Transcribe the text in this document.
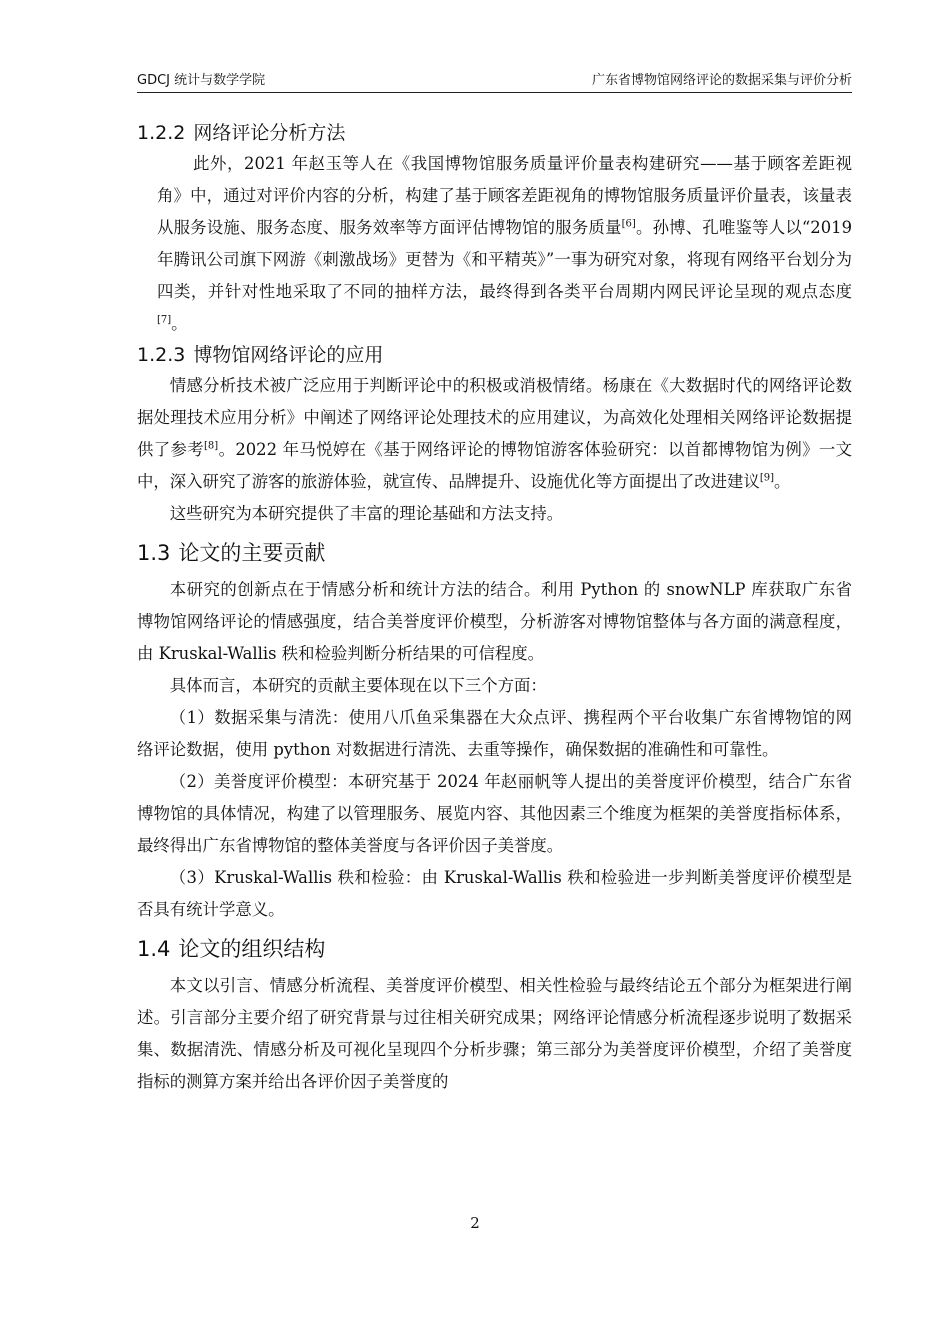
GDCJ 统计与数学学院	广东省博物馆网络评论的数据采集与评价分析
1.2.2 网络评论分析方法

此外，2021 年赵玉等人在《我国博物馆服务质量评价量表构建研究——基于顾客差距视角》中，通过对评价内容的分析，构建了基于顾客差距视角的博物馆服务质量评价量表，该量表从服务设施、服务态度、服务效率等方面评估博物馆的服务质量[6]。孙博、孔唯鉴等人以“2019 年腾讯公司旗下网游《刺激战场》更替为《和平精英》”一事为研究对象，将现有网络平台划分为四类，并针对性地采取了不同的抽样方法，最终得到各类平台周期内网民评论呈现的观点态度[7]。

1.2.3 博物馆网络评论的应用

情感分析技术被广泛应用于判断评论中的积极或消极情绪。杨康在《大数据时代的网络评论数据处理技术应用分析》中阐述了网络评论处理技术的应用建议，为高效化处理相关网络评论数据提供了参考[8]。2022 年马悦婷在《基于网络评论的博物馆游客体验研究：以首都博物馆为例》一文中，深入研究了游客的旅游体验，就宣传、品牌提升、设施优化等方面提出了改进建议[9]。

这些研究为本研究提供了丰富的理论基础和方法支持。

1.3 论文的主要贡献

本研究的创新点在于情感分析和统计方法的结合。利用 Python 的 snowNLP 库获取广东省博物馆网络评论的情感强度，结合美誉度评价模型，分析游客对博物馆整体与各方面的满意程度，由 Kruskal-Wallis 秩和检验判断分析结果的可信程度。

具体而言，本研究的贡献主要体现在以下三个方面：

（1）数据采集与清洗：使用八爪鱼采集器在大众点评、携程两个平台收集广东省博物馆的网络评论数据，使用 python 对数据进行清洗、去重等操作，确保数据的准确性和可靠性。

（2）美誉度评价模型：本研究基于 2024 年赵丽帆等人提出的美誉度评价模型，结合广东省博物馆的具体情况，构建了以管理服务、展览内容、其他因素三个维度为框架的美誉度指标体系，最终得出广东省博物馆的整体美誉度与各评价因子美誉度。

（3）Kruskal-Wallis 秩和检验：由 Kruskal-Wallis 秩和检验进一步判断美誉度评价模型是否具有统计学意义。

1.4 论文的组织结构

本文以引言、情感分析流程、美誉度评价模型、相关性检验与最终结论五个部分为框架进行阐述。引言部分主要介绍了研究背景与过往相关研究成果；网络评论情感分析流程逐步说明了数据采集、数据清洗、情感分析及可视化呈现四个分析步骤；第三部分为美誉度评价模型，介绍了美誉度指标的测算方案并给出各评价因子美誉度的

2
